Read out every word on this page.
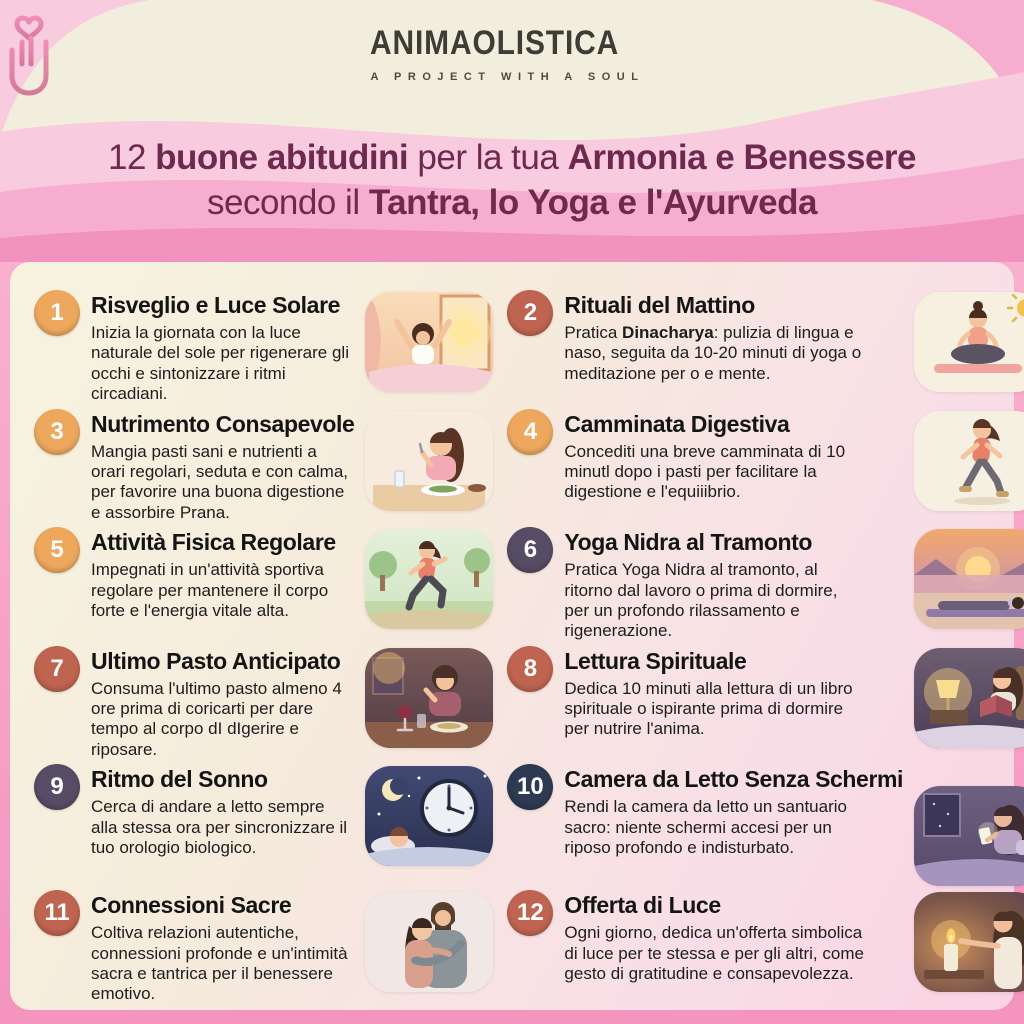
ANIMAOLISTICA
A PROJECT WITH A SOUL
12 buone abitudini per la tua Armonia e Benessere
secondo il Tantra, lo Yoga e l'Ayurveda
1	Risveglio e Luce Solare
Inizia la giornata con la luce naturale del sole per rigenerare gli occhi e sintonizzare i ritmi circadiani.
2	Rituali del Mattino
Pratica Dinacharya: pulizia di lingua e naso, seguita da 10-20 minuti di yoga o meditazione per o e mente.
3	Nutrimento Consapevole
Mangia pasti sani e nutrienti a orari regolari, seduta e con calma, per favorire una buona digestione e assorbire Prana.
4	Camminata Digestiva
Concediti una breve camminata di 10 minutl dopo i pasti per facilitare la digestione e l'equiiibrio.
5	Attività Fisica Regolare
Impegnati in un'attività sportiva regolare per mantenere il corpo forte e l'energia vitale alta.
6	Yoga Nidra al Tramonto
Pratica Yoga Nidra al tramonto, al ritorno dal lavoro o prima di dormire, per un profondo rilassamento e rigenerazione.
7	Ultimo Pasto Anticipato
Consuma l'ultimo pasto almeno 4 ore prima di coricarti per dare tempo al corpo dI dIgerire e riposare.
8	Lettura Spirituale
Dedica 10 minuti alla lettura di un libro spirituale o ispirante prima di dormire per nutrire l'anima.
9	Ritmo del Sonno
Cerca di andare a letto sempre alla stessa ora per sincronizzare il tuo orologio biologico.
10 Camera da Letto Senza Schermi
Rendi la camera da letto un santuario sacro: niente schermi accesi per un riposo profondo e indisturbato.
11 Connessioni Sacre
Coltiva relazioni autentiche, connessioni profonde e un'intimità sacra e tantrica per il benessere emotivo.
12 Offerta di Luce
Ogni giorno, dedica un'offerta simbolica di luce per te stessa e per gli altri, come gesto di gratitudine e consapevolezza.
